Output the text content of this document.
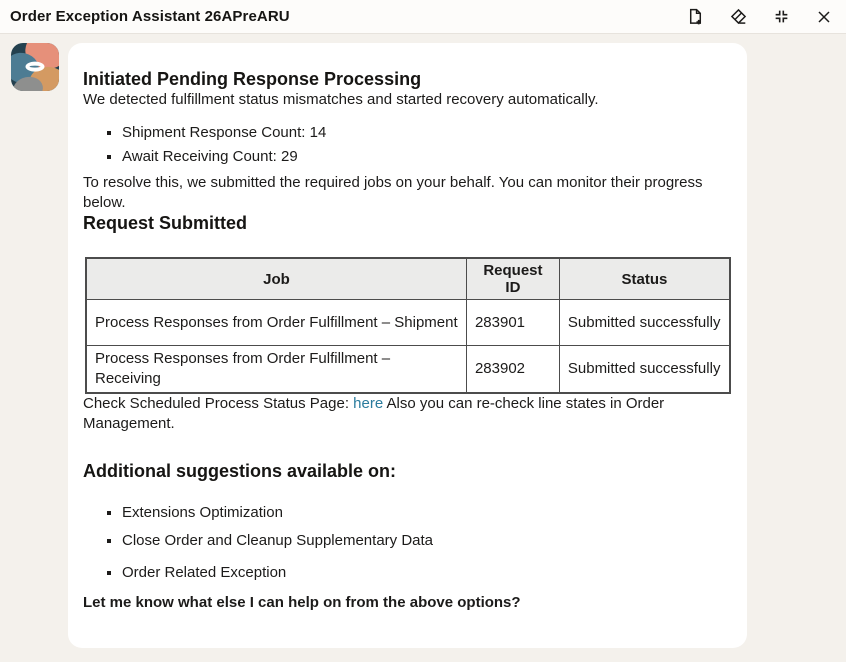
Order Exception Assistant 26APreARU
Initiated Pending Response Processing

We detected fulfillment status mismatches and started recovery automatically.

▪ Shipment Response Count: 14
▪ Await Receiving Count: 29

To resolve this, we submitted the required jobs on your behalf. You can monitor their progress below.

Request Submitted
Job	Request ID	Status
Process Responses from Order Fulfillment – Shipment	283901	Submitted successfully
Process Responses from Order Fulfillment – Receiving	283902	Submitted successfully

Check Scheduled Process Status Page: here Also you can re-check line states in Order Management.

Additional suggestions available on:
▪ Extensions Optimization
▪ Close Order and Cleanup Supplementary Data
▪ Order Related Exception

Let me know what else I can help on from the above options?
